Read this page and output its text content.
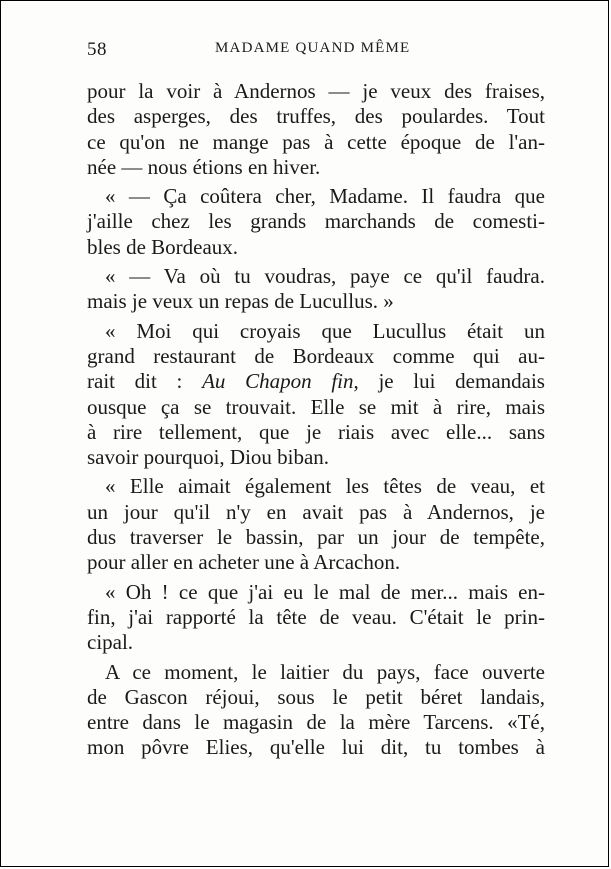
58	MADAME QUAND MÊME

pour la voir à Andernos — je veux des fraises,
des asperges, des truffes, des poulardes. Tout
ce qu'on ne mange pas à cette époque de l'an-
née — nous étions en hiver.

« — Ça coûtera cher, Madame. Il faudra que
j'aille chez les grands marchands de comesti-
bles de Bordeaux.

« — Va où tu voudras, paye ce qu'il faudra.
mais je veux un repas de Lucullus. »

« Moi qui croyais que Lucullus était un
grand restaurant de Bordeaux comme qui au-
rait dit : Au Chapon fin, je lui demandais
ousque ça se trouvait. Elle se mit à rire, mais
à rire tellement, que je riais avec elle... sans
savoir pourquoi, Diou biban.

« Elle aimait également les têtes de veau, et
un jour qu'il n'y en avait pas à Andernos, je
dus traverser le bassin, par un jour de tempête,
pour aller en acheter une à Arcachon.

« Oh ! ce que j'ai eu le mal de mer... mais en-
fin, j'ai rapporté la tête de veau. C'était le prin-
cipal.

A ce moment, le laitier du pays, face ouverte
de Gascon réjoui, sous le petit béret landais,
entre dans le magasin de la mère Tarcens. «Té,
mon pôvre Elies, qu'elle lui dit, tu tombes à
